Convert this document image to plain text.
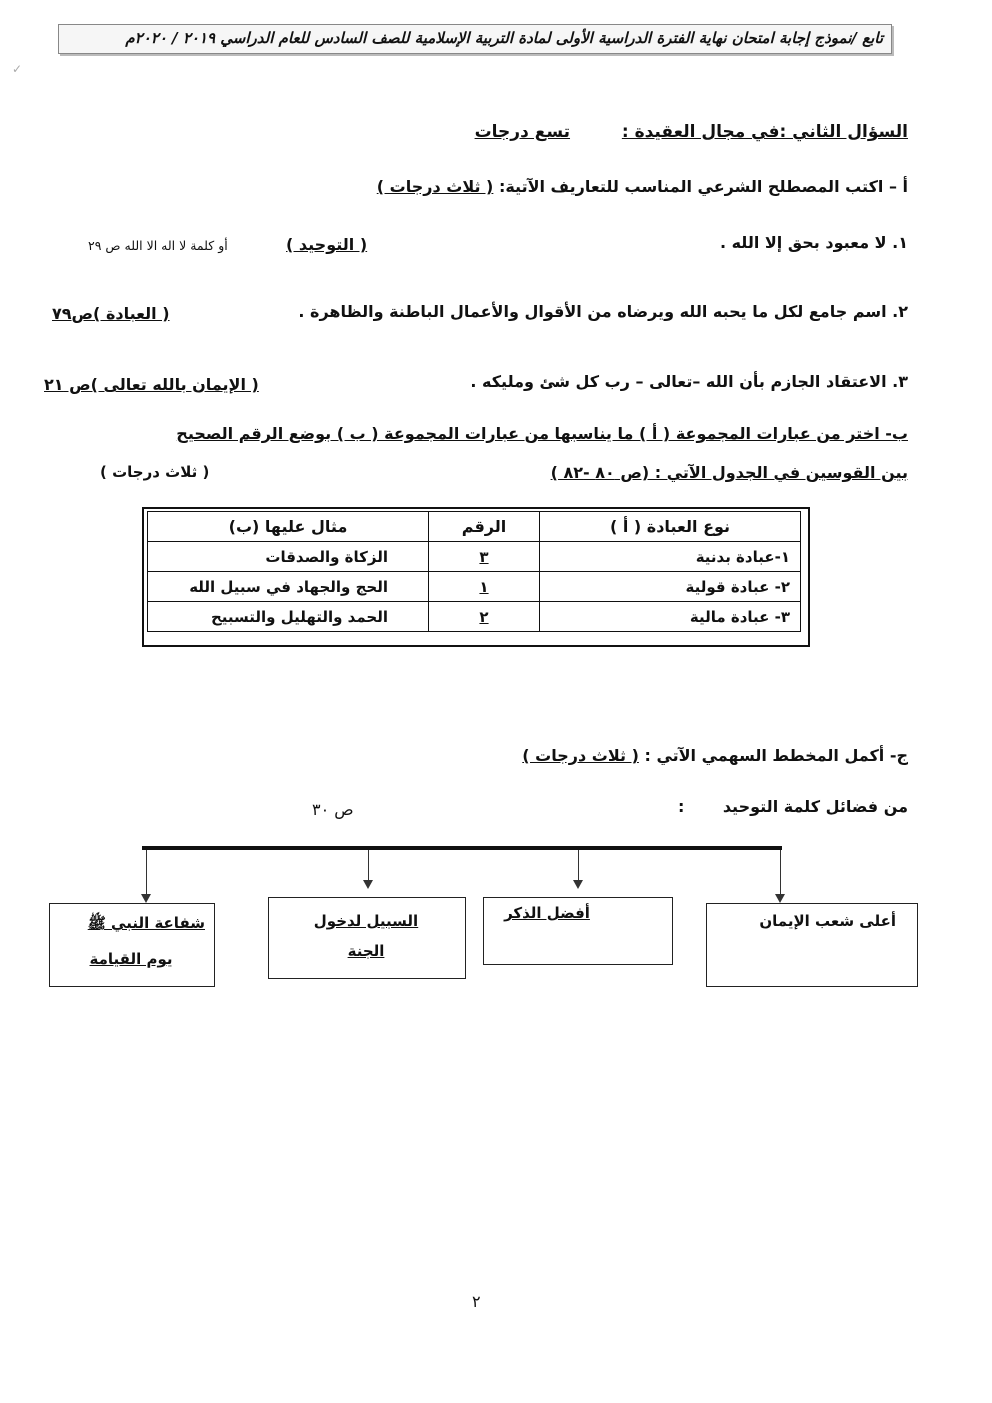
تابع /نموذج إجابة امتحان نهاية الفترة الدراسية الأولى لمادة التربية الإسلامية للصف السادس للعام الدراسي ٢٠١٩ / ٢٠٢٠م
✓
السؤال الثاني :في مجال العقيدة :  تسع درجات
أ – اكتب المصطلح الشرعي المناسب للتعاريف الآتية: ( ثلاث درجات )
١. لا معبود بحق إلا الله .
( التوحيد )
أو كلمة لا اله الا الله ص ٢٩
٢. اسم جامع لكل ما يحبه الله ويرضاه من الأقوال والأعمال الباطنة والظاهرة .
( العبادة )ص٧٩
٣. الاعتقاد الجازم بأن الله –تعالى – رب كل شئ ومليكه .
( الإيمان بالله تعالى )ص ٢١
ب- اختر من عبارات المجموعة ( أ ) ما يناسبها من عبارات المجموعة ( ب ) بوضع الرقم الصحيح
بين القوسين في الجدول الآتي : (ص ٨٠ -٨٢ )
( ثلاث درجات )
نوع العبادة ( أ )	الرقم	مثال عليها (ب)
١-عبادة بدنية	٣	الزكاة والصدقات
٢- عبادة قولية	١	الحج والجهاد في سبيل الله
٣- عبادة مالية	٢	الحمد والتهليل والتسبيح
ج- أكمل المخطط السهمي الآتي : ( ثلاث درجات )
من فضائل كلمة التوحيد
:
ص ٣٠
أعلى شعب الإيمان
أفضل الذكر
السبيل لدخول
الجنة
شفاعة النبي ﷺ
يوم القيامة
٢
